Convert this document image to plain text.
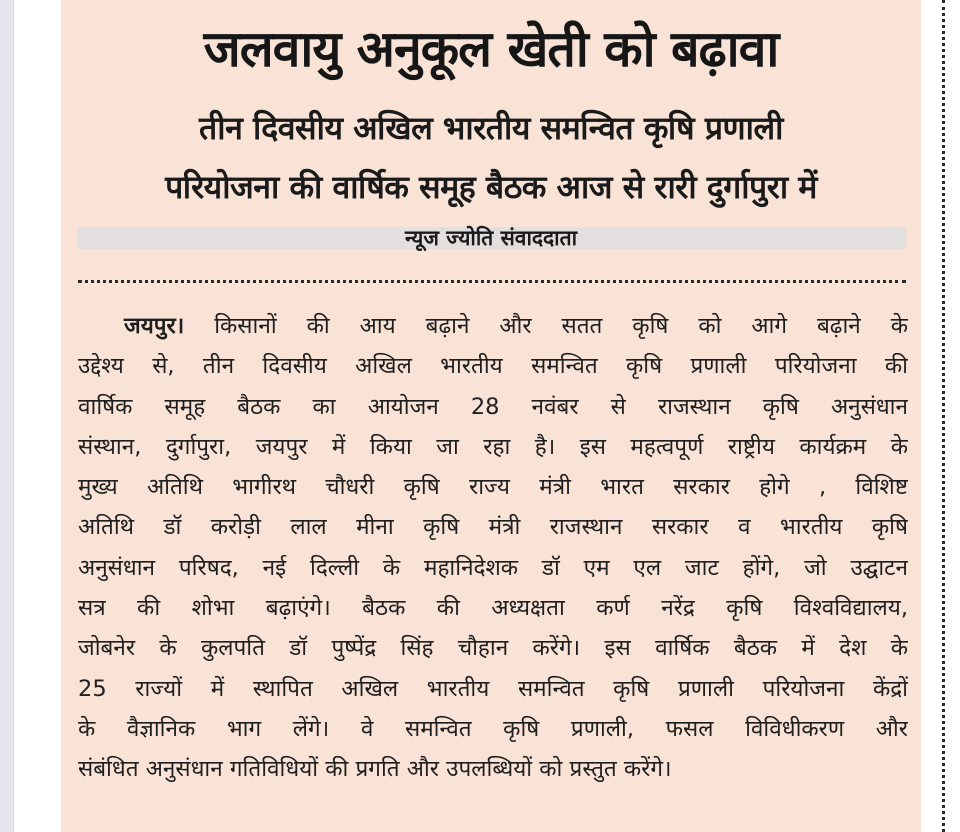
जलवायु अनुकूल खेती को बढ़ावा
तीन दिवसीय अखिल भारतीय समन्वित कृषि प्रणाली
परियोजना की वार्षिक समूह बैठक आज से रारी दुर्गापुरा में
न्यूज ज्योति संवाददाता
जयपुर। किसानों की आय बढ़ाने और सतत कृषि को आगे बढ़ाने के
उद्देश्य से, तीन दिवसीय अखिल भारतीय समन्वित कृषि प्रणाली परियोजना की
वार्षिक समूह बैठक का आयोजन 28 नवंबर से राजस्थान कृषि अनुसंधान
संस्थान, दुर्गापुरा, जयपुर में किया जा रहा है। इस महत्वपूर्ण राष्ट्रीय कार्यक्रम के
मुख्य अतिथि भागीरथ चौधरी कृषि राज्य मंत्री भारत सरकार होगे , विशिष्ट
अतिथि डॉ करोड़ी लाल मीना कृषि मंत्री राजस्थान सरकार व भारतीय कृषि
अनुसंधान परिषद, नई दिल्ली के महानिदेशक डॉ एम एल जाट होंगे, जो उद्घाटन
सत्र की शोभा बढ़ाएंगे। बैठक की अध्यक्षता कर्ण नरेंद्र कृषि विश्वविद्यालय,
जोबनेर के कुलपति डॉ पुष्पेंद्र सिंह चौहान करेंगे। इस वार्षिक बैठक में देश के
25 राज्यों में स्थापित अखिल भारतीय समन्वित कृषि प्रणाली परियोजना केंद्रों
के वैज्ञानिक भाग लेंगे। वे समन्वित कृषि प्रणाली, फसल विविधीकरण और
संबंधित अनुसंधान गतिविधियों की प्रगति और उपलब्धियों को प्रस्तुत करेंगे।
